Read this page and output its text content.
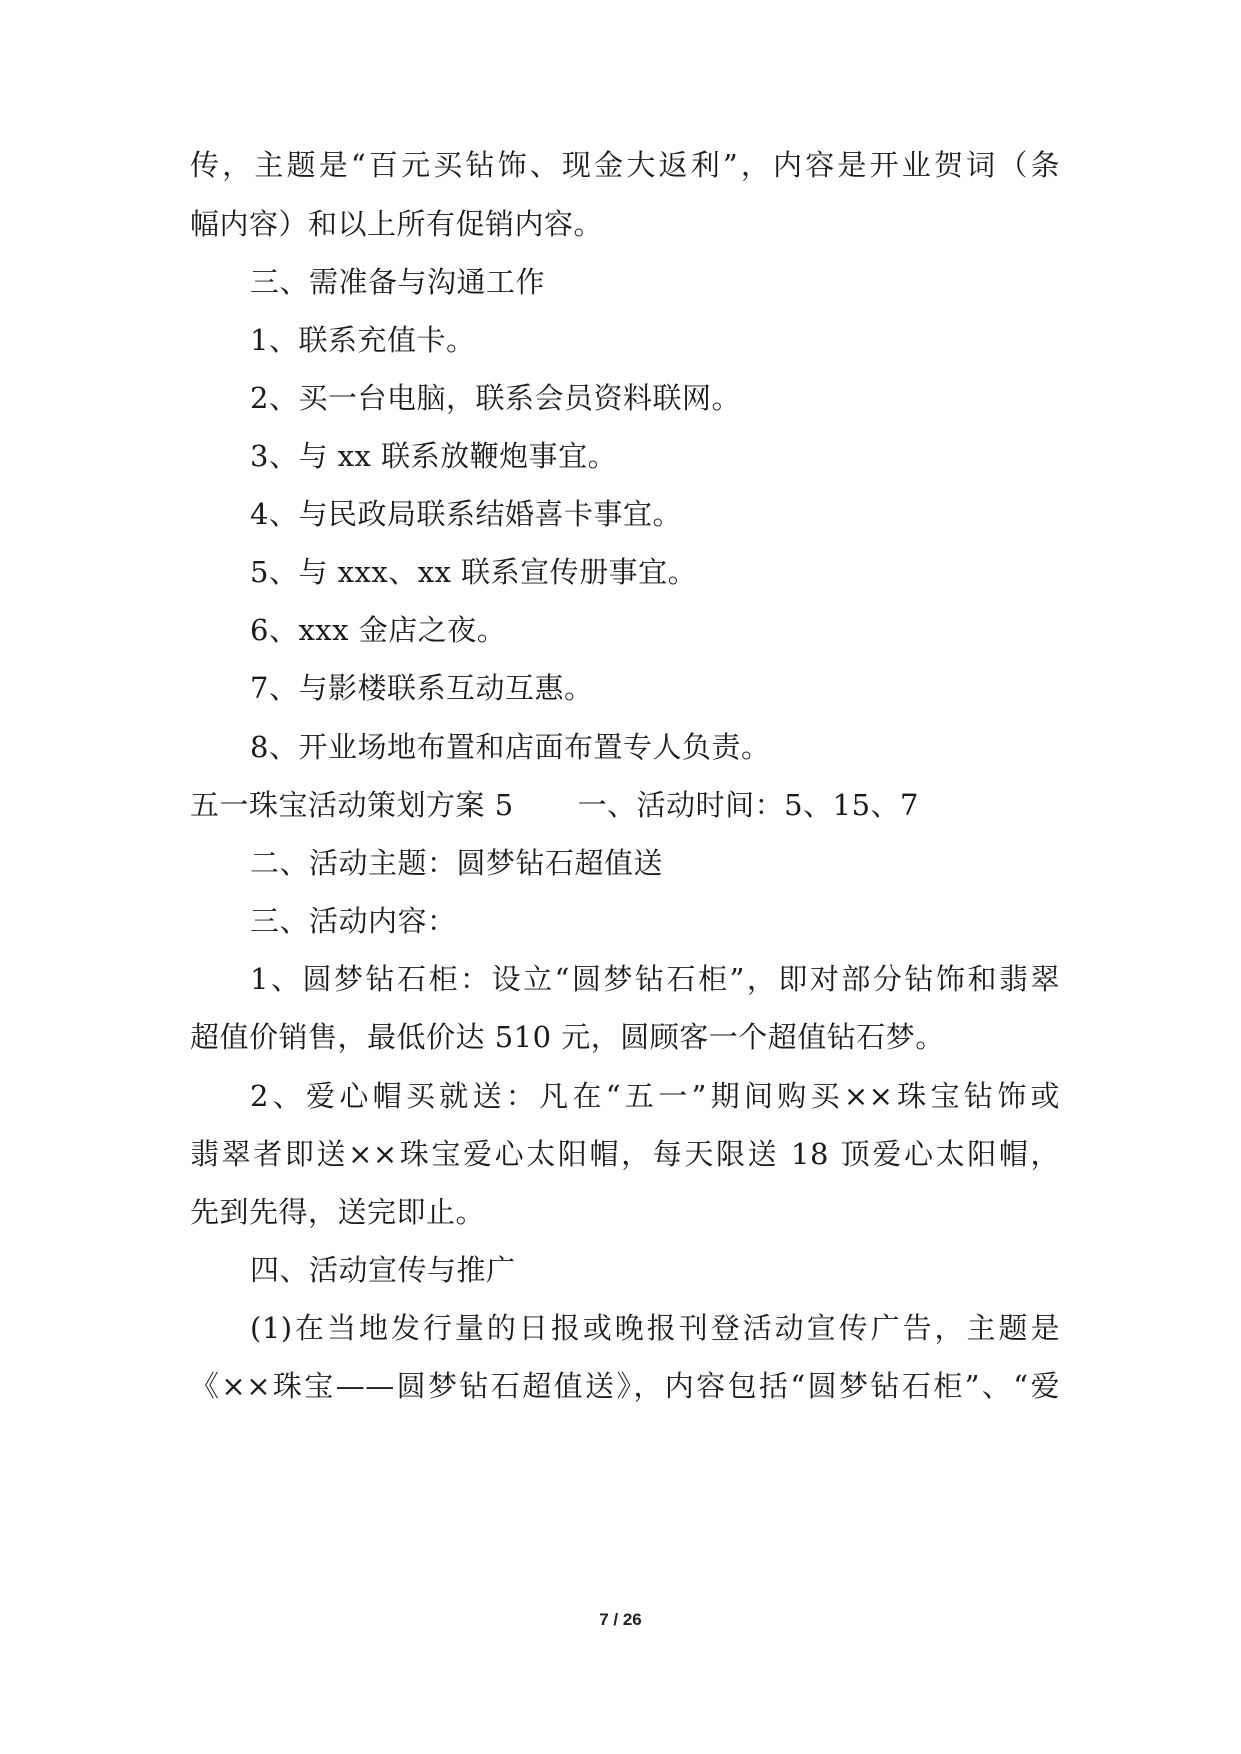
传，主题是“百元买钻饰、现金大返利”，内容是开业贺词（条
幅内容）和以上所有促销内容。
三、需准备与沟通工作
1、联系充值卡。
2、买一台电脑，联系会员资料联网。
3、与 xx 联系放鞭炮事宜。
4、与民政局联系结婚喜卡事宜。
5、与 xxx、xx 联系宣传册事宜。
6、xxx 金店之夜。
7、与影楼联系互动互惠。
8、开业场地布置和店面布置专人负责。
五一珠宝活动策划方案 5 一、活动时间：5、15、7
二、活动主题：圆梦钻石超值送
三、活动内容：
1、圆梦钻石柜：设立“圆梦钻石柜”，即对部分钻饰和翡翠
超值价销售，最低价达 510 元，圆顾客一个超值钻石梦。
2、爱心帽买就送：凡在“五一”期间购买××珠宝钻饰或
翡翠者即送××珠宝爱心太阳帽，每天限送 18 顶爱心太阳帽，
先到先得，送完即止。
四、活动宣传与推广
(1)在当地发行量的日报或晚报刊登活动宣传广告，主题是
《××珠宝——圆梦钻石超值送》，内容包括“圆梦钻石柜”、“爱
7 / 26
